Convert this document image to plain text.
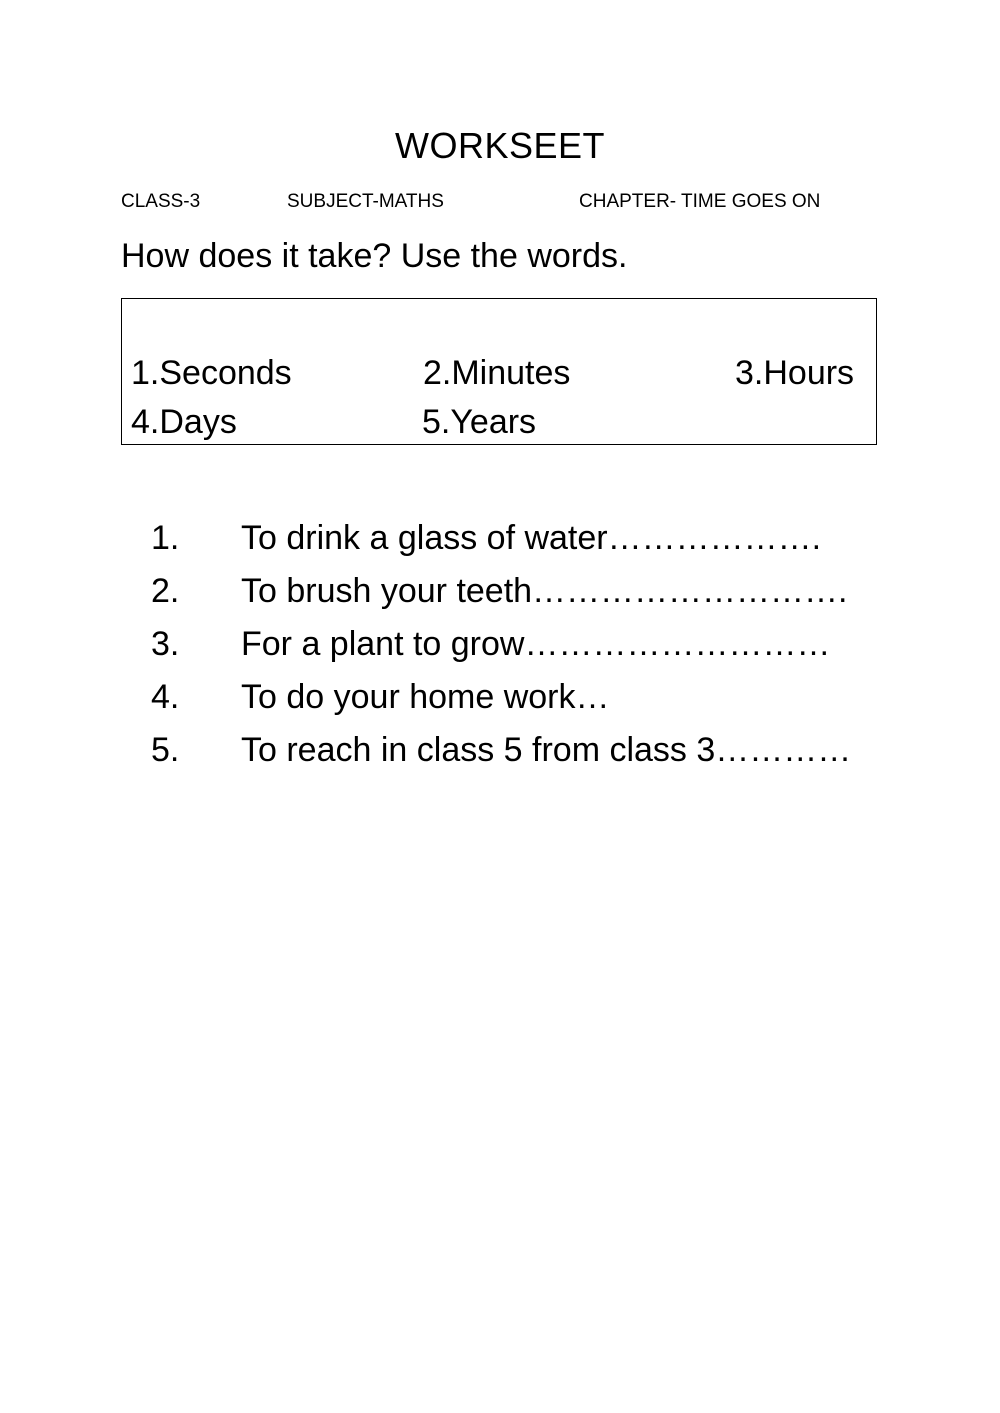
WORKSEET
CLASS-3	SUBJECT-MATHS	CHAPTER- TIME GOES ON
How does it take? Use the words.
1.Seconds	2.Minutes	3.Hours
4.Days	5.Years
1. To drink a glass of water……………….
2. To brush your teeth……………………….
3. For a plant to grow………………………
4. To do your home work…
5. To reach in class 5 from class 3…………
